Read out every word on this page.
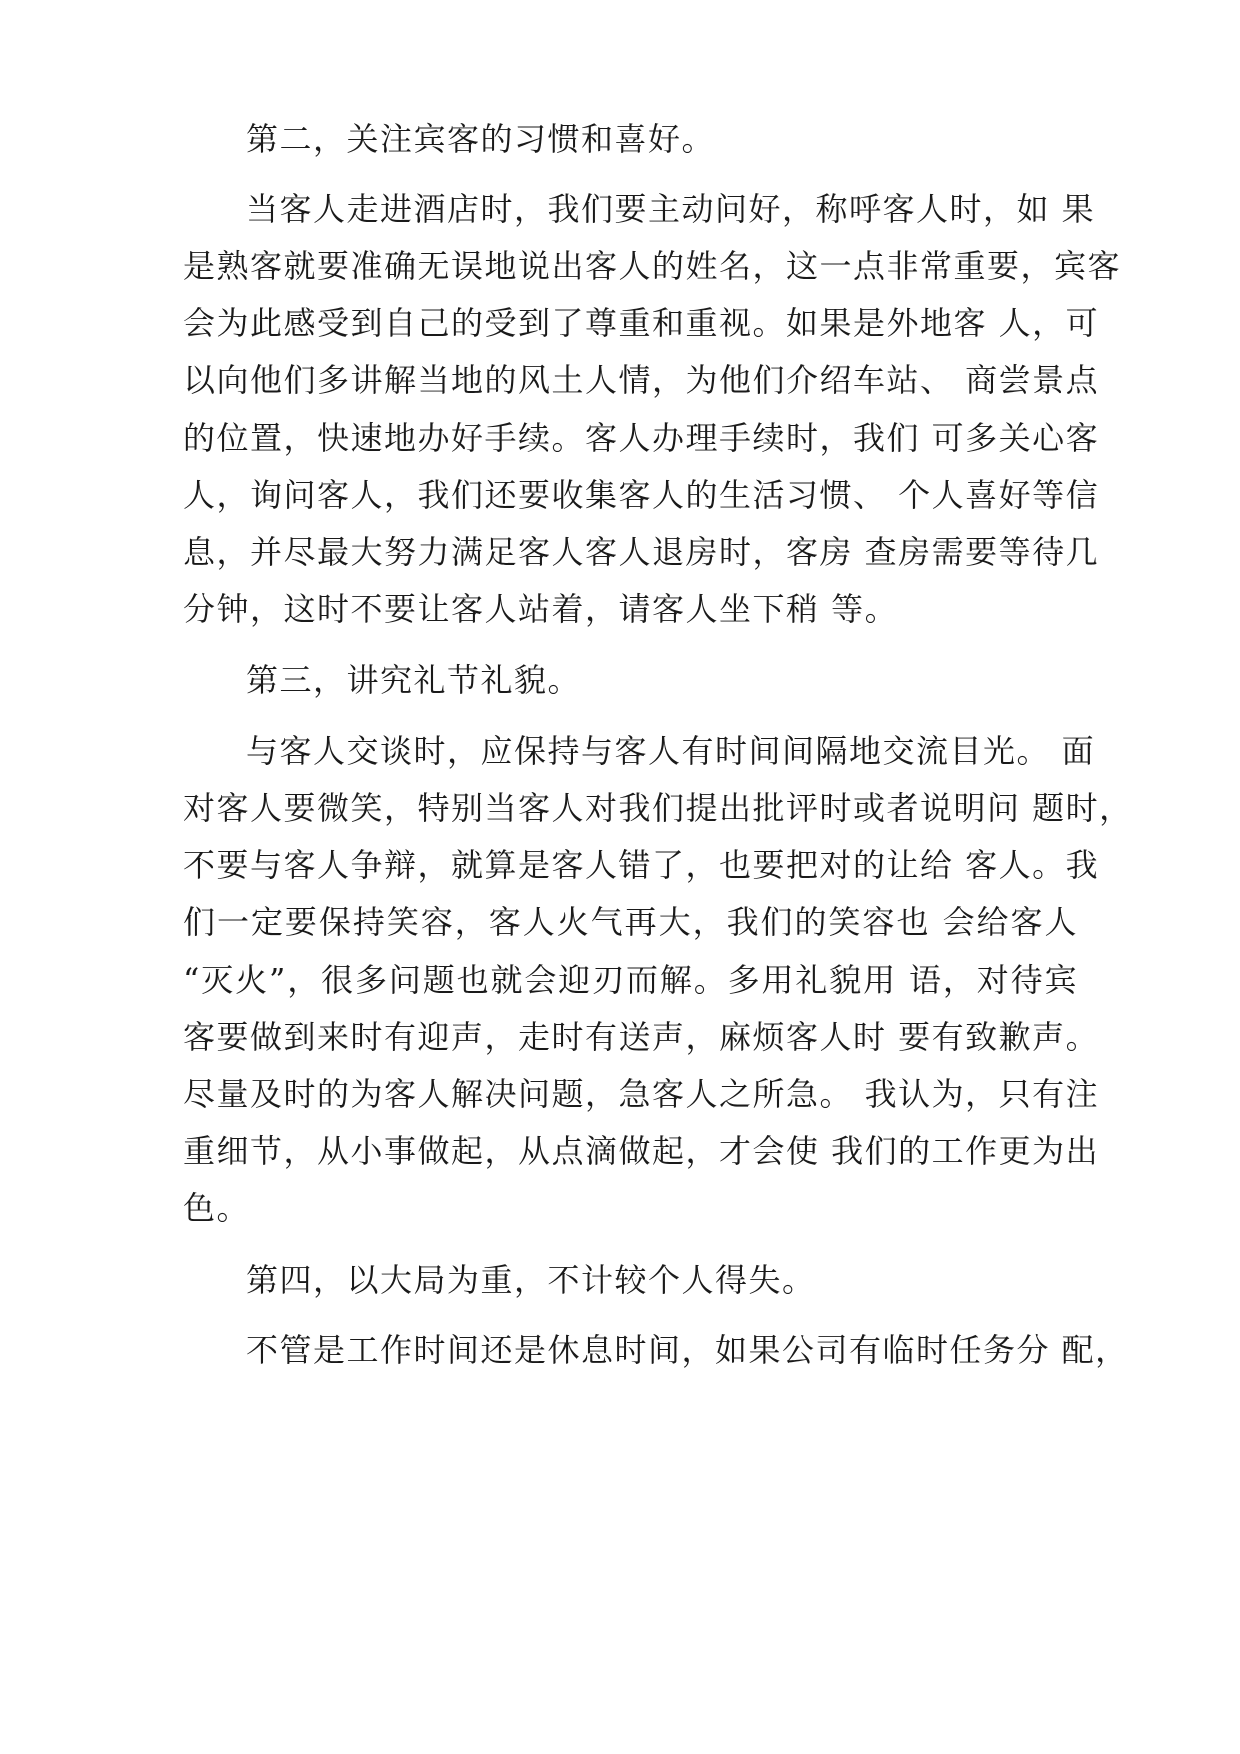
第二，关注宾客的习惯和喜好。
当客人走进酒店时，我们要主动问好，称呼客人时，如 果
是熟客就要准确无误地说出客人的姓名，这一点非常重要，宾客
会为此感受到自己的受到了尊重和重视。如果是外地客 人，可
以向他们多讲解当地的风土人情，为他们介绍车站、 商尝景点
的位置，快速地办好手续。客人办理手续时，我们 可多关心客
人，询问客人，我们还要收集客人的生活习惯、 个人喜好等信
息，并尽最大努力满足客人客人退房时，客房 查房需要等待几
分钟，这时不要让客人站着，请客人坐下稍 等。
第三，讲究礼节礼貌。
与客人交谈时，应保持与客人有时间间隔地交流目光。 面
对客人要微笑，特别当客人对我们提出批评时或者说明问 题时，
不要与客人争辩，就算是客人错了，也要把对的让给 客人。我
们一定要保持笑容，客人火气再大，我们的笑容也 会给客人
“灭火”，很多问题也就会迎刃而解。多用礼貌用 语，对待宾
客要做到来时有迎声，走时有送声，麻烦客人时 要有致歉声。
尽量及时的为客人解决问题，急客人之所急。 我认为，只有注
重细节，从小事做起，从点滴做起，才会使 我们的工作更为出
色。
第四，以大局为重，不计较个人得失。
不管是工作时间还是休息时间，如果公司有临时任务分 配，
